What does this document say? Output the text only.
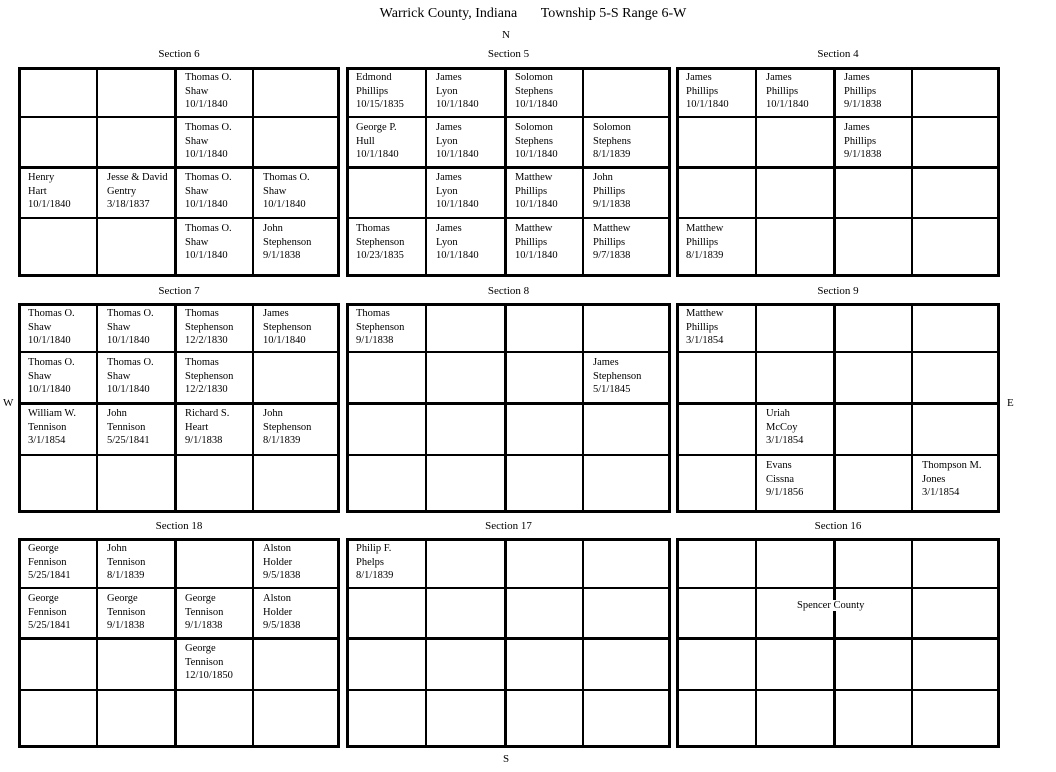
Warrick County, Indiana Township 5-S Range 6-W
N
S
E
W
Section 6
Thomas O.
Shaw
10/1/1840
Thomas O.
Shaw
10/1/1840
Henry
Hart
10/1/1840
Jesse & David
Gentry
3/18/1837
Thomas O.
Shaw
10/1/1840
Thomas O.
Shaw
10/1/1840
Thomas O.
Shaw
10/1/1840
John
Stephenson
9/1/1838
Section 5
Edmond
Phillips
10/15/1835
James
Lyon
10/1/1840
Solomon
Stephens
10/1/1840
George P.
Hull
10/1/1840
James
Lyon
10/1/1840
Solomon
Stephens
10/1/1840
Solomon
Stephens
8/1/1839
James
Lyon
10/1/1840
Matthew
Phillips
10/1/1840
John
Phillips
9/1/1838
Thomas
Stephenson
10/23/1835
James
Lyon
10/1/1840
Matthew
Phillips
10/1/1840
Matthew
Phillips
9/7/1838
Section 4
James
Phillips
10/1/1840
James
Phillips
10/1/1840
James
Phillips
9/1/1838
James
Phillips
9/1/1838
Matthew
Phillips
8/1/1839
Section 7
Thomas O.
Shaw
10/1/1840
Thomas O.
Shaw
10/1/1840
Thomas
Stephenson
12/2/1830
James
Stephenson
10/1/1840
Thomas O.
Shaw
10/1/1840
Thomas O.
Shaw
10/1/1840
Thomas
Stephenson
12/2/1830
William W.
Tennison
3/1/1854
John
Tennison
5/25/1841
Richard S.
Heart
9/1/1838
John
Stephenson
8/1/1839
Section 8
Thomas
Stephenson
9/1/1838
James
Stephenson
5/1/1845
Section 9
Matthew
Phillips
3/1/1854
Uriah
McCoy
3/1/1854
Evans
Cissna
9/1/1856
Thompson M.
Jones
3/1/1854
Section 18
George
Fennison
5/25/1841
John
Tennison
8/1/1839
Alston
Holder
9/5/1838
George
Fennison
5/25/1841
George
Tennison
9/1/1838
George
Tennison
9/1/1838
Alston
Holder
9/5/1838
George
Tennison
12/10/1850
Section 17
Philip F.
Phelps
8/1/1839
Section 16
Spencer County
